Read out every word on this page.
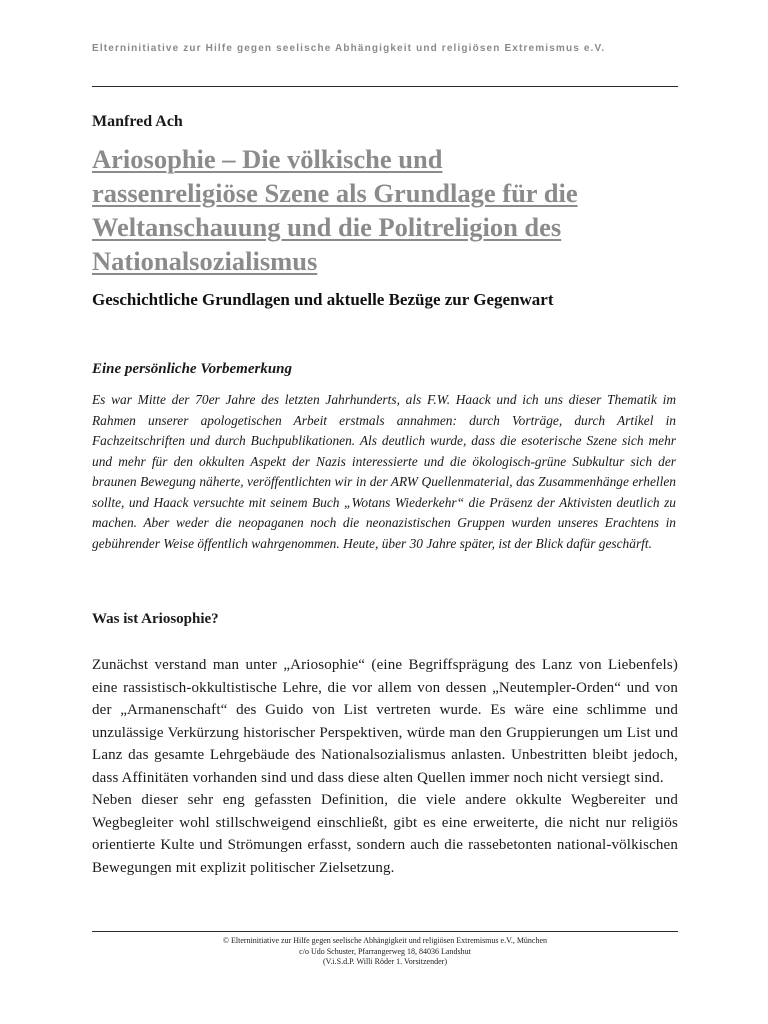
Elterninitiative zur Hilfe gegen seelische Abhängigkeit und religiösen Extremismus e.V.
Manfred Ach
Ariosophie – Die völkische und
rassenreligiöse Szene als Grundlage für die
Weltanschauung und die Politreligion des
Nationalsozialismus
Geschichtliche Grundlagen und aktuelle Bezüge zur Gegenwart
Eine persönliche Vorbemerkung

Es war Mitte der 70er Jahre des letzten Jahrhunderts, als F.W. Haack und ich uns dieser Thematik im Rahmen unserer apologetischen Arbeit erstmals annahmen: durch Vorträge, durch Artikel in Fachzeitschriften und durch Buchpublikationen. Als deutlich wurde, dass die esoterische Szene sich mehr und mehr für den okkulten Aspekt der Nazis interessierte und die ökologisch-grüne Subkultur sich der braunen Bewegung näherte, veröffentlichten wir in der ARW Quellenmaterial, das Zusammenhänge erhellen sollte, und Haack versuchte mit seinem Buch „Wotans Wiederkehr“ die Präsenz der Aktivisten deutlich zu machen. Aber weder die neopaganen noch die neonazistischen Gruppen wurden unseres Erachtens in gebührender Weise öffentlich wahrgenommen. Heute, über 30 Jahre später, ist der Blick dafür geschärft.

Was ist Ariosophie?
Zunächst verstand man unter „Ariosophie“ (eine Begriffsprägung des Lanz von Liebenfels) eine rassistisch-okkultistische Lehre, die vor allem von dessen „Neutempler-Orden“ und von der „Armanenschaft“ des Guido von List vertreten wurde. Es wäre eine schlimme und unzulässige Verkürzung historischer Perspektiven, würde man den Gruppierungen um List und Lanz das gesamte Lehrgebäude des Nationalsozialismus anlasten. Unbestritten bleibt jedoch, dass Affinitäten vorhanden sind und dass diese alten Quellen immer noch nicht versiegt sind.
Neben dieser sehr eng gefassten Definition, die viele andere okkulte Wegbereiter und Wegbegleiter wohl stillschweigend einschließt, gibt es eine erweiterte, die nicht nur religiös orientierte Kulte und Strömungen erfasst, sondern auch die rassebetonten national-völkischen Bewegungen mit explizit politischer Zielsetzung.
© Elterninitiative zur Hilfe gegen seelische Abhängigkeit und religiösen Extremismus e.V., München
c/o Udo Schuster, Pfarrangerweg 18, 84036 Landshut
(V.i.S.d.P. Willi Röder 1. Vorsitzender)
